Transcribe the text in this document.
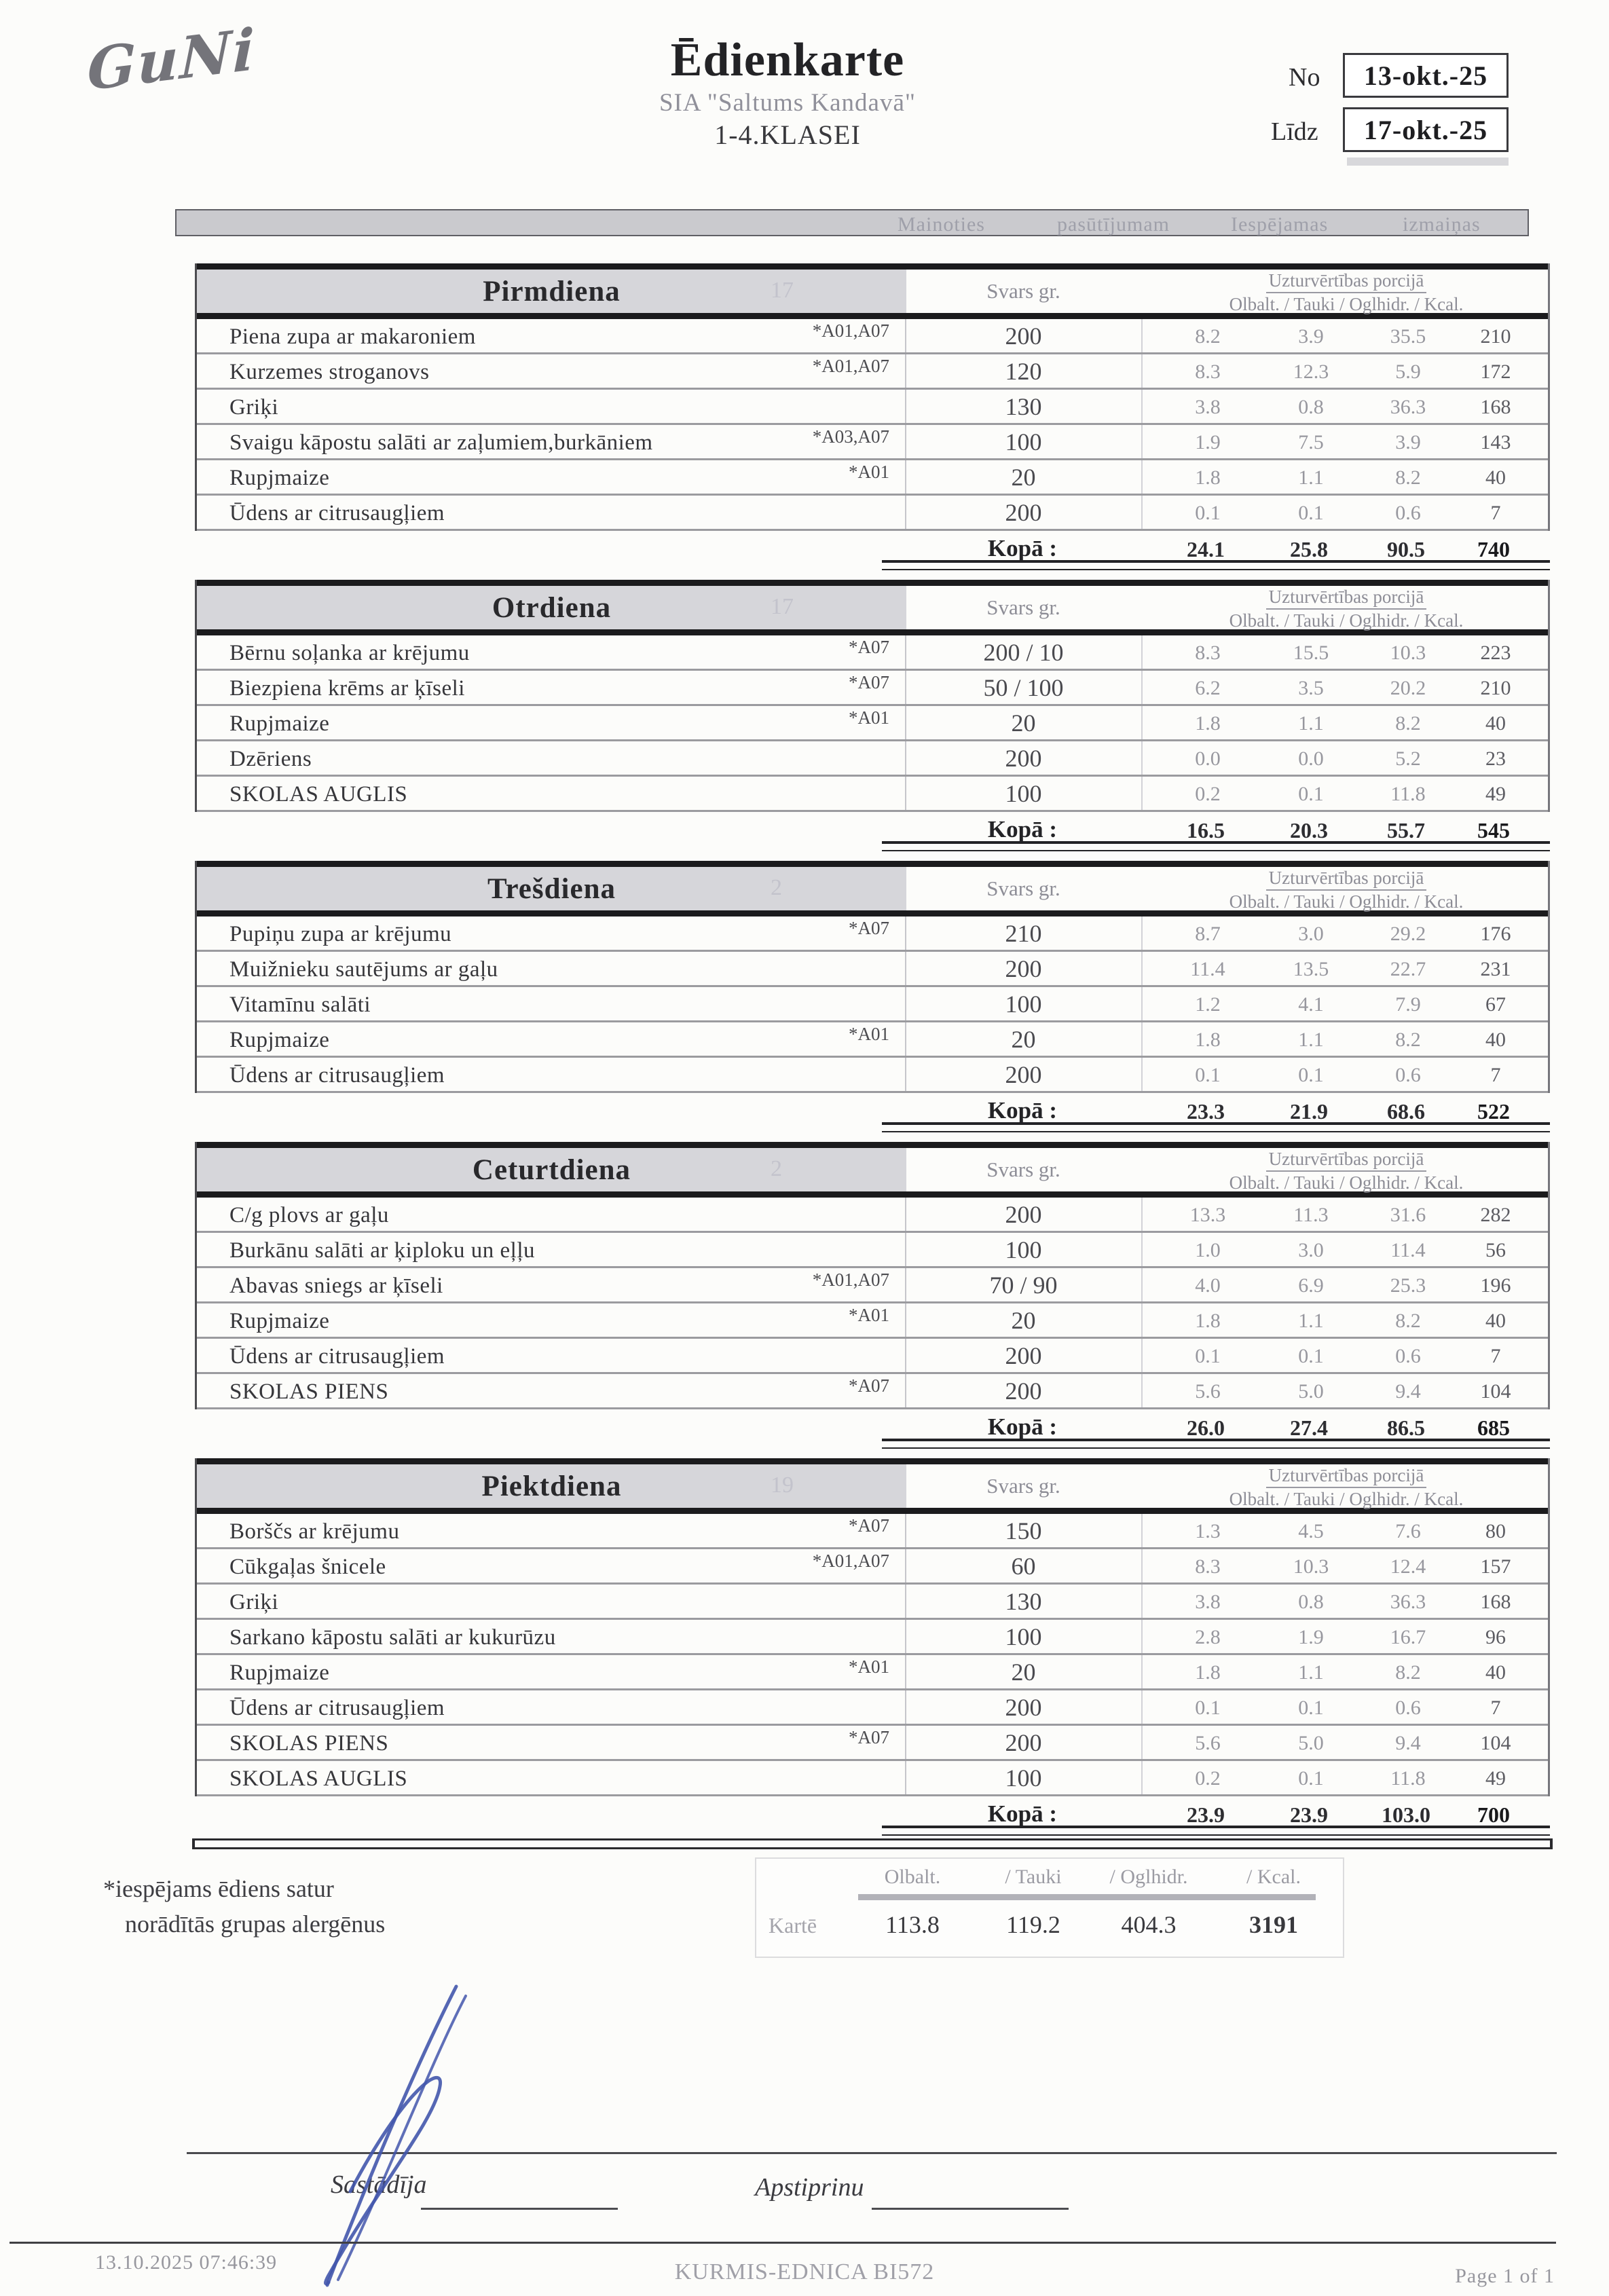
GuNi	Ēdienkarte
SIA "Saltums Kandavā"
1-4.KLASEI
No	13-okt.-25
Līdz	17-okt.-25
Mainoties	pasūtījumam	Iespējamas	izmaiņas
Pirmdiena	17	Svars gr.	Uzturvērtības porcijā
Olbalt. / Tauki / Oglhidr. / Kcal.
Piena zupa ar makaroniem	*A01,A07	200	8.2	3.9	35.5	210
Kurzemes stroganovs	*A01,A07	120	8.3	12.3	5.9	172
Griķi	130	3.8	0.8	36.3	168
Svaigu kāpostu salāti ar zaļumiem,burkāniem	*A03,A07	100	1.9	7.5	3.9	143
Rupjmaize	*A01	20	1.8	1.1	8.2	40
Ūdens ar citrusaugļiem	200	0.1	0.1	0.6	7
Kopā :	24.1	25.8	90.5	740
Otrdiena	17	Svars gr.	Uzturvērtības porcijā
Olbalt. / Tauki / Oglhidr. / Kcal.
Bērnu soļanka ar krējumu	*A07	200 / 10	8.3	15.5	10.3	223
Biezpiena krēms ar ķīseli	*A07	50 / 100	6.2	3.5	20.2	210
Rupjmaize	*A01	20	1.8	1.1	8.2	40
Dzēriens	200	0.0	0.0	5.2	23
SKOLAS AUGLIS	100	0.2	0.1	11.8	49
Kopā :	16.5	20.3	55.7	545
Trešdiena	2	Svars gr.	Uzturvērtības porcijā
Olbalt. / Tauki / Oglhidr. / Kcal.
Pupiņu zupa ar krējumu	*A07	210	8.7	3.0	29.2	176
Muižnieku sautējums ar gaļu	200	11.4	13.5	22.7	231
Vitamīnu salāti	100	1.2	4.1	7.9	67
Rupjmaize	*A01	20	1.8	1.1	8.2	40
Ūdens ar citrusaugļiem	200	0.1	0.1	0.6	7
Kopā :	23.3	21.9	68.6	522
Ceturtdiena	2	Svars gr.	Uzturvērtības porcijā
Olbalt. / Tauki / Oglhidr. / Kcal.
C/g plovs ar gaļu	200	13.3	11.3	31.6	282
Burkānu salāti ar ķiploku un eļļu	100	1.0	3.0	11.4	56
Abavas sniegs ar ķīseli	*A01,A07	70 / 90	4.0	6.9	25.3	196
Rupjmaize	*A01	20	1.8	1.1	8.2	40
Ūdens ar citrusaugļiem	200	0.1	0.1	0.6	7
SKOLAS PIENS	*A07	200	5.6	5.0	9.4	104
Kopā :	26.0	27.4	86.5	685
Piektdiena	19	Svars gr.	Uzturvērtības porcijā
Olbalt. / Tauki / Oglhidr. / Kcal.
Borščs ar krējumu	*A07	150	1.3	4.5	7.6	80
Cūkgaļas šnicele	*A01,A07	60	8.3	10.3	12.4	157
Griķi	130	3.8	0.8	36.3	168
Sarkano kāpostu salāti ar kukurūzu	100	2.8	1.9	16.7	96
Rupjmaize	*A01	20	1.8	1.1	8.2	40
Ūdens ar citrusaugļiem	200	0.1	0.1	0.6	7
SKOLAS PIENS	*A07	200	5.6	5.0	9.4	104
SKOLAS AUGLIS	100	0.2	0.1	11.8	49
Kopā :	23.9	23.9	103.0	700
*iespējams ēdiens satur
norādītās grupas alergēnus
Olbalt.	/ Tauki	/ Oglhidr.	/ Kcal.
Kartē	113.8	119.2	404.3	3191
Sastādīja	Apstiprinu
13.10.2025 07:46:39	KURMIS-EDNICA BI572	Page 1 of 1
